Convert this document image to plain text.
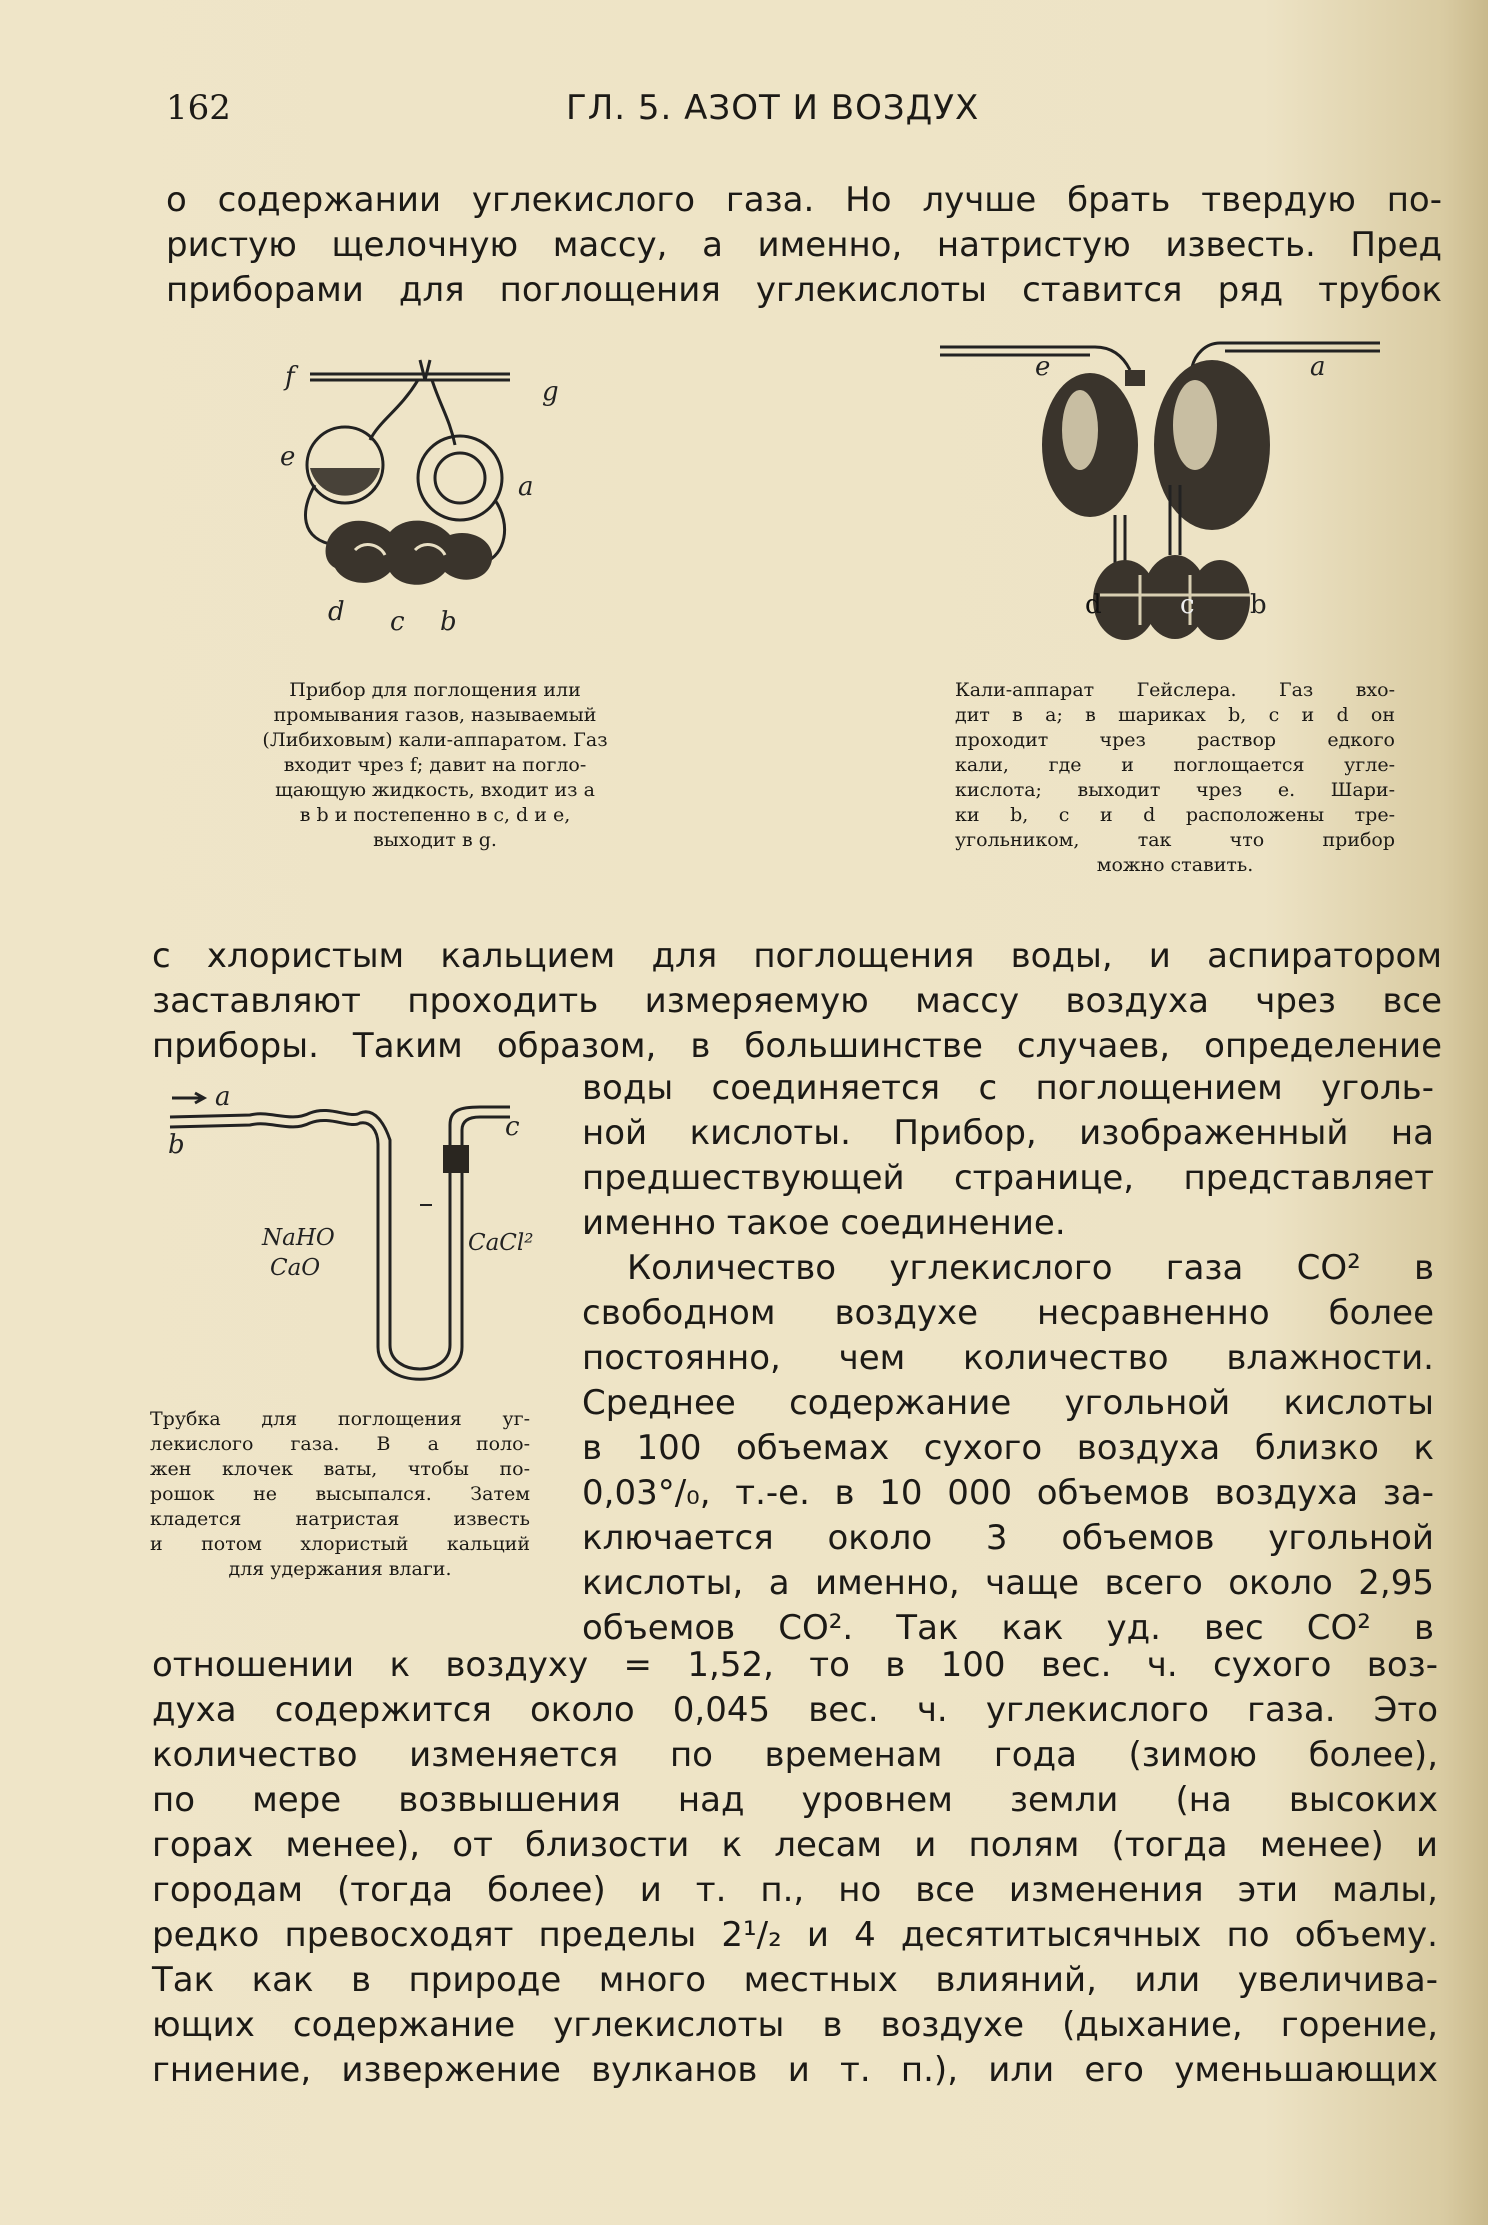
162	ГЛ. 5. АЗОТ И ВОЗДУХ
о содержании углекислого газа. Но лучше брать твердую по-
ристую щелочную массу, а именно, натристую известь. Пред
приборами для поглощения углекислоты ставится ряд трубок
f	g
e
a
d c b
Прибор для поглощения или
промывания газов, называемый
(Либиховым) кали-аппаратом. Газ
входит чрез f; давит на погло-
щающую жидкость, входит из a
в b и постепенно в c, d и e,
выходит в g.
e	a
d	c b
Кали-аппарат Гейслера. Газ вхо-
дит в a; в шариках b, c и d он
проходит чрез раствор едкого
кали, где и поглощается угле-
кислота; выходит чрез e. Шари-
ки b, c и d расположены тре-
угольником, так что прибор
можно ставить.
с хлористым кальцием для поглощения воды, и аспиратором
заставляют проходить измеряемую массу воздуха чрез все
приборы. Таким образом, в большинстве случаев, определение
a
b
c
NaHO
CaO
CaCl²
Трубка для поглощения уг-
лекислого газа. В a поло-
жен клочек ваты, чтобы по-
рошок не высыпался. Затем
кладется натристая известь
и потом хлористый кальций
для удержания влаги.
воды соединяется с поглощением уголь-
ной кислоты. Прибор, изображенный на
предшествующей странице, представляет
именно такое соединение.
Количество углекислого газа CO² в
свободном воздухе несравненно более
постоянно, чем количество влажности.
Среднее содержание угольной кислоты
в 100 объемах сухого воздуха близко к
0,03°/₀, т.-е. в 10 000 объемов воздуха за-
ключается около 3 объемов угольной
кислоты, а именно, чаще всего около 2,95
объемов CO². Так как уд. вес CO² в
отношении к воздуху = 1,52, то в 100 вес. ч. сухого воз-
духа содержится около 0,045 вес. ч. углекислого газа. Это
количество изменяется по временам года (зимою более),
по мере возвышения над уровнем земли (на высоких
горах менее), от близости к лесам и полям (тогда менее) и
городам (тогда более) и т. п., но все изменения эти малы,
редко превосходят пределы 2¹/₂ и 4 десятитысячных по объему.
Так как в природе много местных влияний, или увеличива-
ющих содержание углекислоты в воздухе (дыхание, горение,
гниение, извержение вулканов и т. п.), или его уменьшающих
